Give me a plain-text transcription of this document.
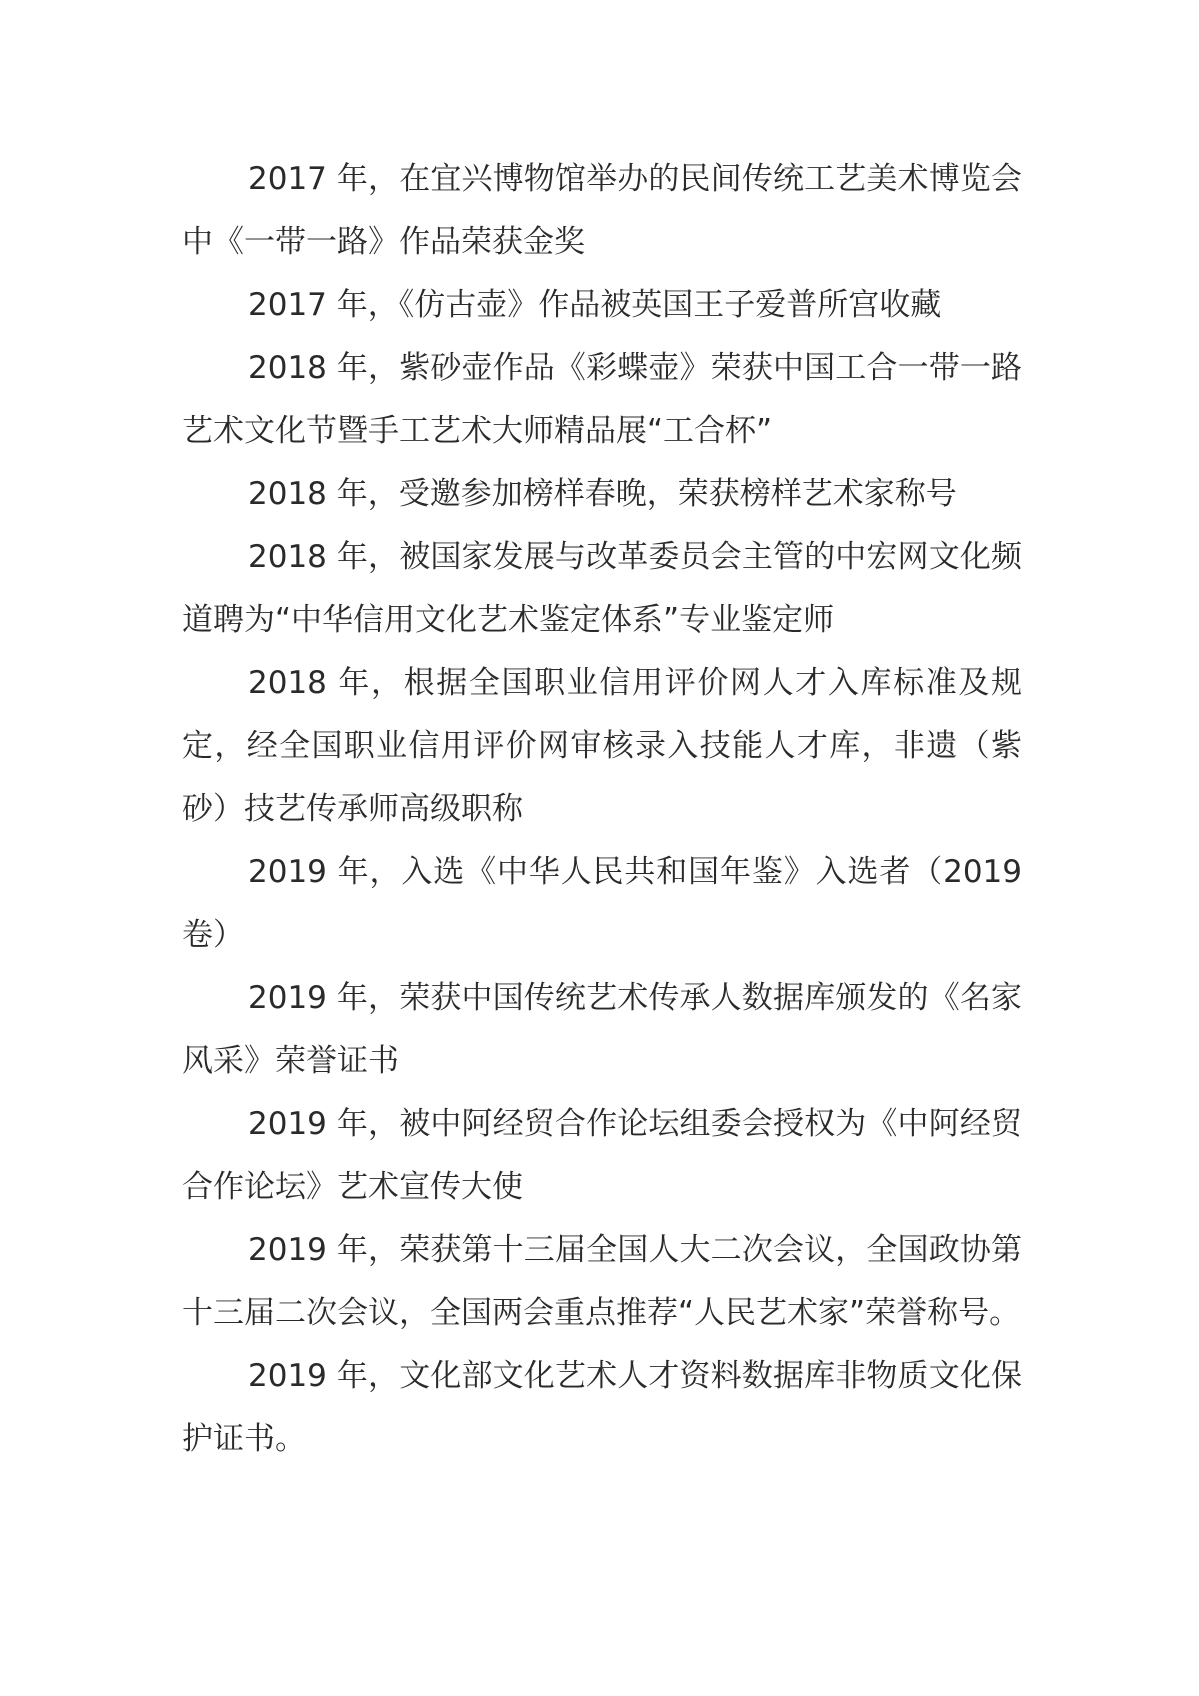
2017 年，在宜兴博物馆举办的民间传统工艺美术博览会 中《一带一路》作品荣获金奖

2017 年，《仿古壶》作品被英国王子爱普所宫收藏

2018 年，紫砂壶作品《彩蝶壶》荣获中国工合一带一路艺术文化节暨手工艺术大师精品展“工合杯”

2018 年，受邀参加榜样春晚，荣获榜样艺术家称号

2018 年，被国家发展与改革委员会主管的中宏网文化频道聘为“中华信用文化艺术鉴定体系”专业鉴定师

2018 年，根据全国职业信用评价网人才入库标准及规定，经全国职业信用评价网审核录入技能人才库，非遗（紫砂）技艺传承师高级职称

2019 年，入选《中华人民共和国年鉴》入选者（2019 卷）

2019 年，荣获中国传统艺术传承人数据库颁发的《名家风采》荣誉证书

2019 年，被中阿经贸合作论坛组委会授权为《中阿经贸合作论坛》艺术宣传大使

2019 年，荣获第十三届全国人大二次会议，全国政协第十三届二次会议，全国两会重点推荐“人民艺术家”荣誉称号。

2019 年，文化部文化艺术人才资料数据库非物质文化保护证书。
